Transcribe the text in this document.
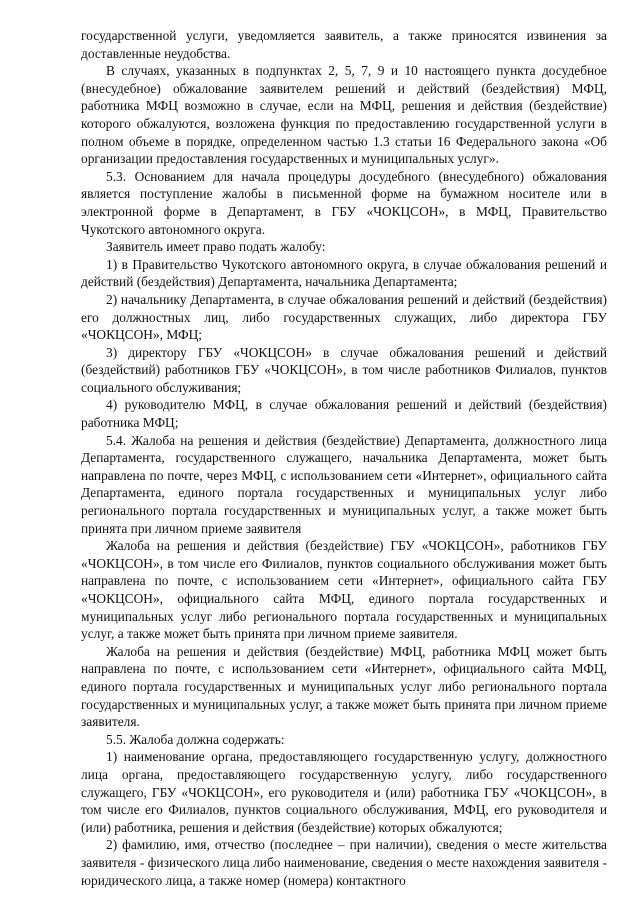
государственной услуги, уведомляется заявитель, а также приносятся извинения за доставленные неудобства.

В случаях, указанных в подпунктах 2, 5, 7, 9 и 10 настоящего пункта досудебное (внесудебное) обжалование заявителем решений и действий (бездействия) МФЦ, работника МФЦ возможно в случае, если на МФЦ, решения и действия (бездействие) которого обжалуются, возложена функция по предоставлению государственной услуги в полном объеме в порядке, определенном частью 1.3 статьи 16 Федерального закона «Об организации предоставления государственных и муниципальных услуг».

5.3. Основанием для начала процедуры досудебного (внесудебного) обжалования является поступление жалобы в письменной форме на бумажном носителе или в электронной форме в Департамент, в ГБУ «ЧОКЦСОН», в МФЦ, Правительство Чукотского автономного округа.

Заявитель имеет право подать жалобу:

1) в Правительство Чукотского автономного округа, в случае обжалования решений и действий (бездействия) Департамента, начальника Департамента;

2) начальнику Департамента, в случае обжалования решений и действий (бездействия) его должностных лиц, либо государственных служащих, либо директора ГБУ «ЧОКЦСОН», МФЦ;

3) директору ГБУ «ЧОКЦСОН» в случае обжалования решений и действий (бездействий) работников ГБУ «ЧОКЦСОН», в том числе работников Филиалов, пунктов социального обслуживания;

4) руководителю МФЦ, в случае обжалования решений и действий (бездействия) работника МФЦ;

5.4. Жалоба на решения и действия (бездействие) Департамента, должностного лица Департамента, государственного служащего, начальника Департамента, может быть направлена по почте, через МФЦ, с использованием сети «Интернет», официального сайта Департамента, единого портала государственных и муниципальных услуг либо регионального портала государственных и муниципальных услуг, а также может быть принята при личном приеме заявителя

Жалоба на решения и действия (бездействие) ГБУ «ЧОКЦСОН», работников ГБУ «ЧОКЦСОН», в том числе его Филиалов, пунктов социального обслуживания может быть направлена по почте, с использованием сети «Интернет», официального сайта ГБУ «ЧОКЦСОН», официального сайта МФЦ, единого портала государственных и муниципальных услуг либо регионального портала государственных и муниципальных услуг, а также может быть принята при личном приеме заявителя.

Жалоба на решения и действия (бездействие) МФЦ, работника МФЦ может быть направлена по почте, с использованием сети «Интернет», официального сайта МФЦ, единого портала государственных и муниципальных услуг либо регионального портала государственных и муниципальных услуг, а также может быть принята при личном приеме заявителя.

5.5. Жалоба должна содержать:

1) наименование органа, предоставляющего государственную услугу, должностного лица органа, предоставляющего государственную услугу, либо государственного служащего, ГБУ «ЧОКЦСОН», его руководителя и (или) работника ГБУ «ЧОКЦСОН», в том числе его Филиалов, пунктов социального обслуживания, МФЦ, его руководителя и (или) работника, решения и действия (бездействие) которых обжалуются;

2) фамилию, имя, отчество (последнее – при наличии), сведения о месте жительства заявителя - физического лица либо наименование, сведения о месте нахождения заявителя - юридического лица, а также номер (номера) контактного
